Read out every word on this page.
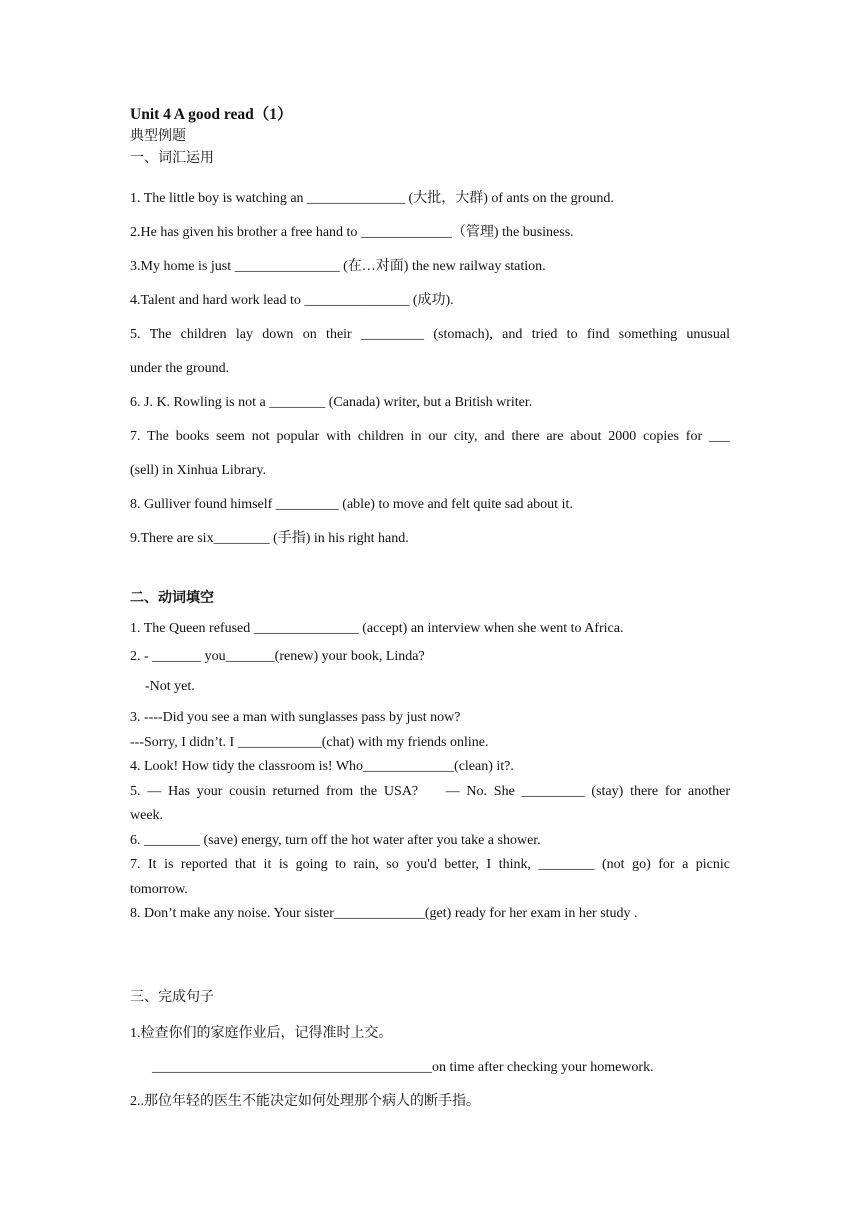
Unit 4 A good read（1）

典型例题

一、词汇运用

1. The little boy is watching an ______________ (大批，大群) of ants on the ground.

2.He has given his brother a free hand to _____________（管理) the business.

3.My home is just _______________ (在…对面) the new railway station.

4.Talent and hard work lead to _______________ (成功).

5. The children lay down on their _________ (stomach), and tried to find something unusual

under the ground.

6. J. K. Rowling is not a ________ (Canada) writer, but a British writer.

7. The books seem not popular with children in our city, and there are about 2000 copies for ___

(sell) in Xinhua Library.

8. Gulliver found himself _________ (able) to move and felt quite sad about it.

9.There are six________ (手指) in his right hand.

二、动词填空

1. The Queen refused _______________ (accept) an interview when she went to Africa.

2. - _______ you_______(renew) your book, Linda?

-Not yet.

3. ----Did you see a man with sunglasses pass by just now?

---Sorry, I didn’t. I ____________(chat) with my friends online.

4. Look! How tidy the classroom is! Who_____________(clean) it?.

5. — Has your cousin returned from the USA?　 — No. She _________ (stay) there for another

week.

6. ________ (save) energy, turn off the hot water after you take a shower.

7. It is reported that it is going to rain, so you'd better, I think, ________ (not go) for a picnic

tomorrow.

8. Don’t make any noise. Your sister_____________(get) ready for her exam in her study .

三、完成句子

1.检查你们的家庭作业后，记得准时上交。

________________________________________on time after checking your homework.

2..那位年轻的医生不能决定如何处理那个病人的断手指。
